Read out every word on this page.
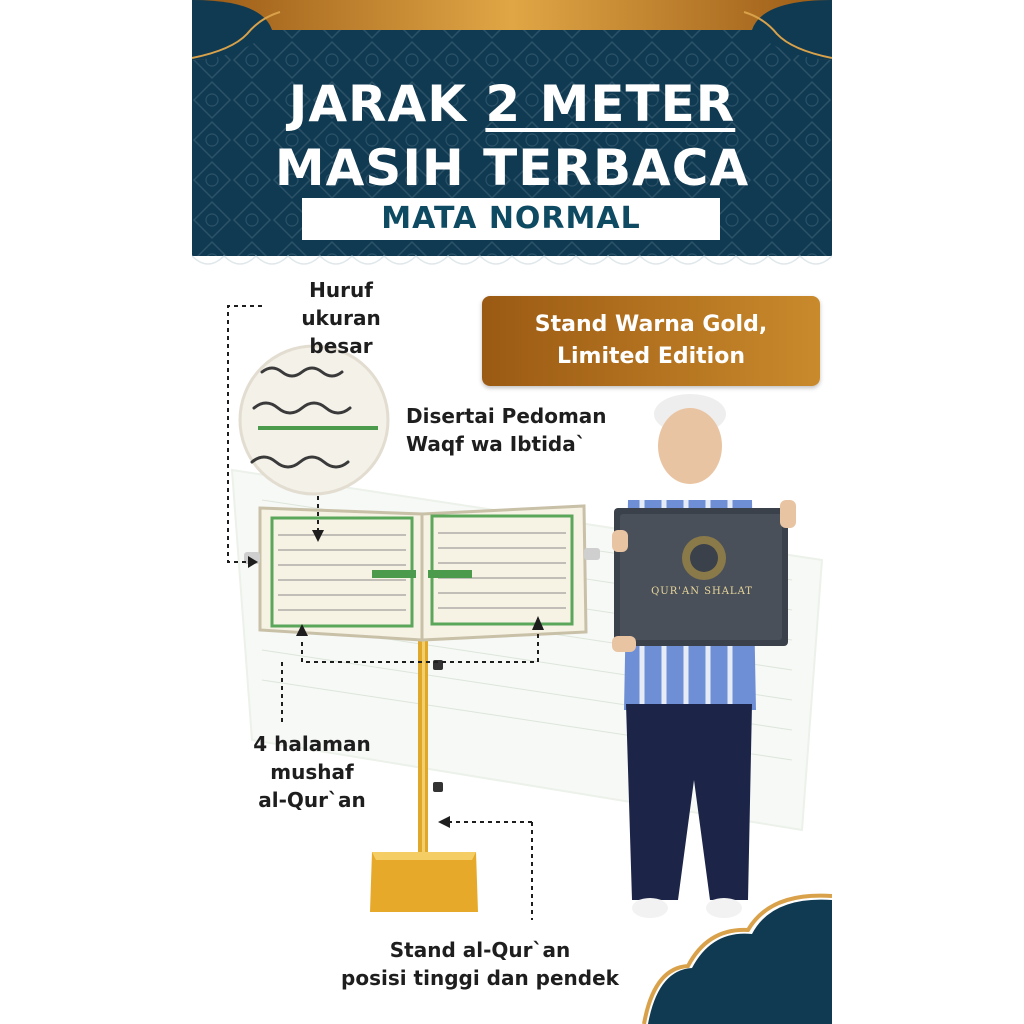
JARAK 2 METER
MASIH TERBACA
MATA NORMAL
Stand Warna Gold,
Limited Edition
Huruf ukuran
besar
Disertai Pedoman
Waqf wa Ibtida`
4 halaman
mushaf
al-Qur`an
Stand al-Qur`an
posisi tinggi dan pendek
QUR'AN SHALAT
